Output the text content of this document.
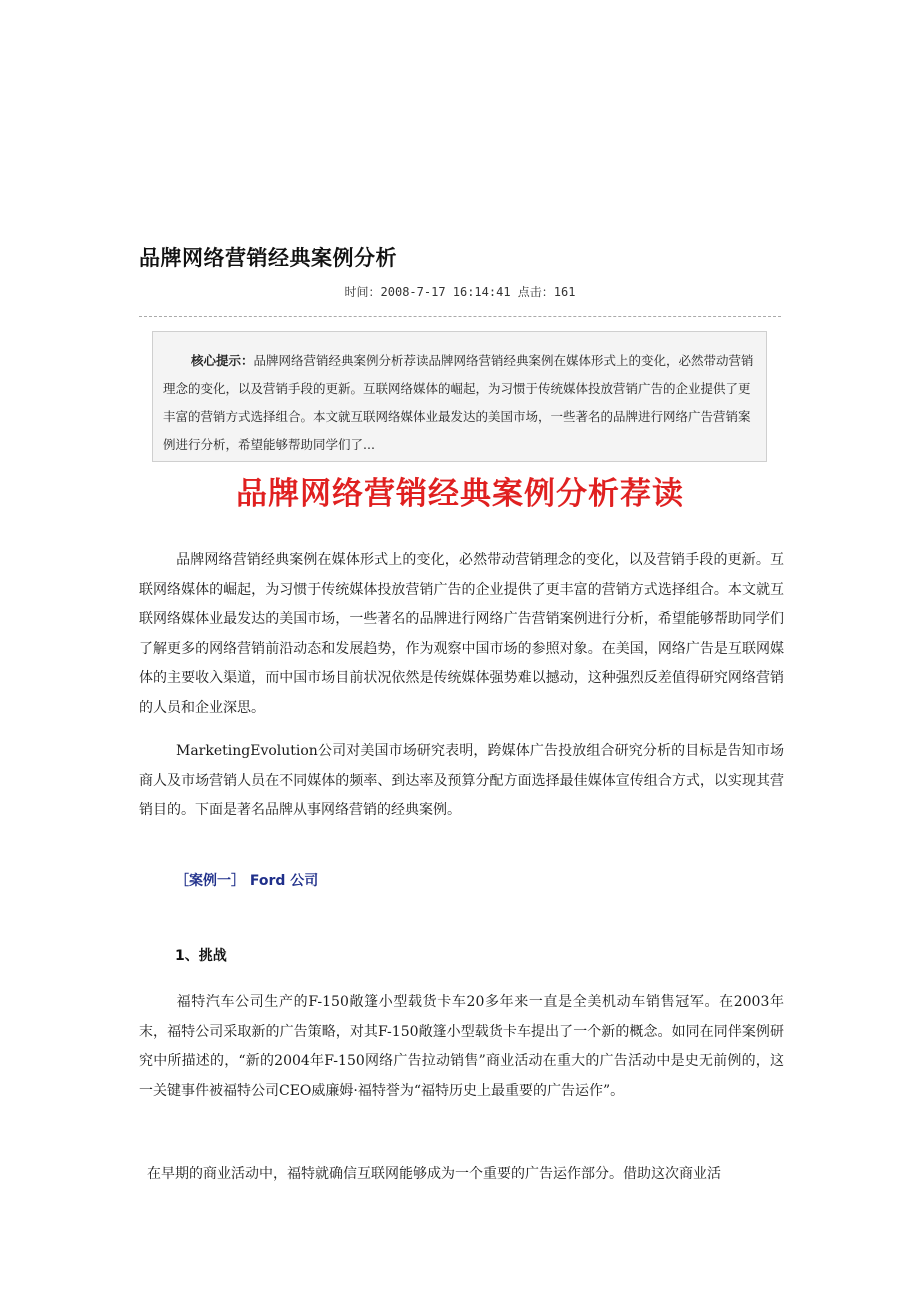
品牌网络营销经典案例分析
时间：2008-7-17 16:14:41 点击：161
核心提示：品牌网络营销经典案例分析荐读品牌网络营销经典案例在媒体形式上的变化，必然带动营销理念的变化，以及营销手段的更新。互联网络媒体的崛起，为习惯于传统媒体投放营销广告的企业提供了更丰富的营销方式选择组合。本文就互联网络媒体业最发达的美国市场，一些著名的品牌进行网络广告营销案例进行分析，希望能够帮助同学们了...
品牌网络营销经典案例分析荐读

品牌网络营销经典案例在媒体形式上的变化，必然带动营销理念的变化，以及营销手段的更新。互联网络媒体的崛起，为习惯于传统媒体投放营销广告的企业提供了更丰富的营销方式选择组合。本文就互联网络媒体业最发达的美国市场，一些著名的品牌进行网络广告营销案例进行分析，希望能够帮助同学们了解更多的网络营销前沿动态和发展趋势，作为观察中国市场的参照对象。在美国，网络广告是互联网媒体的主要收入渠道，而中国市场目前状况依然是传统媒体强势难以撼动，这种强烈反差值得研究网络营销的人员和企业深思。

MarketingEvolution公司对美国市场研究表明，跨媒体广告投放组合研究分析的目标是告知市场商人及市场营销人员在不同媒体的频率、到达率及预算分配方面选择最佳媒体宣传组合方式，以实现其营销目的。下面是著名品牌从事网络营销的经典案例。

［案例一］ Ford 公司
1、挑战

福特汽车公司生产的F-150敞篷小型载货卡车20多年来一直是全美机动车销售冠军。在2003年末，福特公司采取新的广告策略，对其F-150敞篷小型载货卡车提出了一个新的概念。如同在同伴案例研究中所描述的，“新的2004年F-150网络广告拉动销售”商业活动在重大的广告活动中是史无前例的，这一关键事件被福特公司CEO威廉姆·福特誉为“福特历史上最重要的广告运作”。

在早期的商业活动中，福特就确信互联网能够成为一个重要的广告运作部分。借助这次商业活
